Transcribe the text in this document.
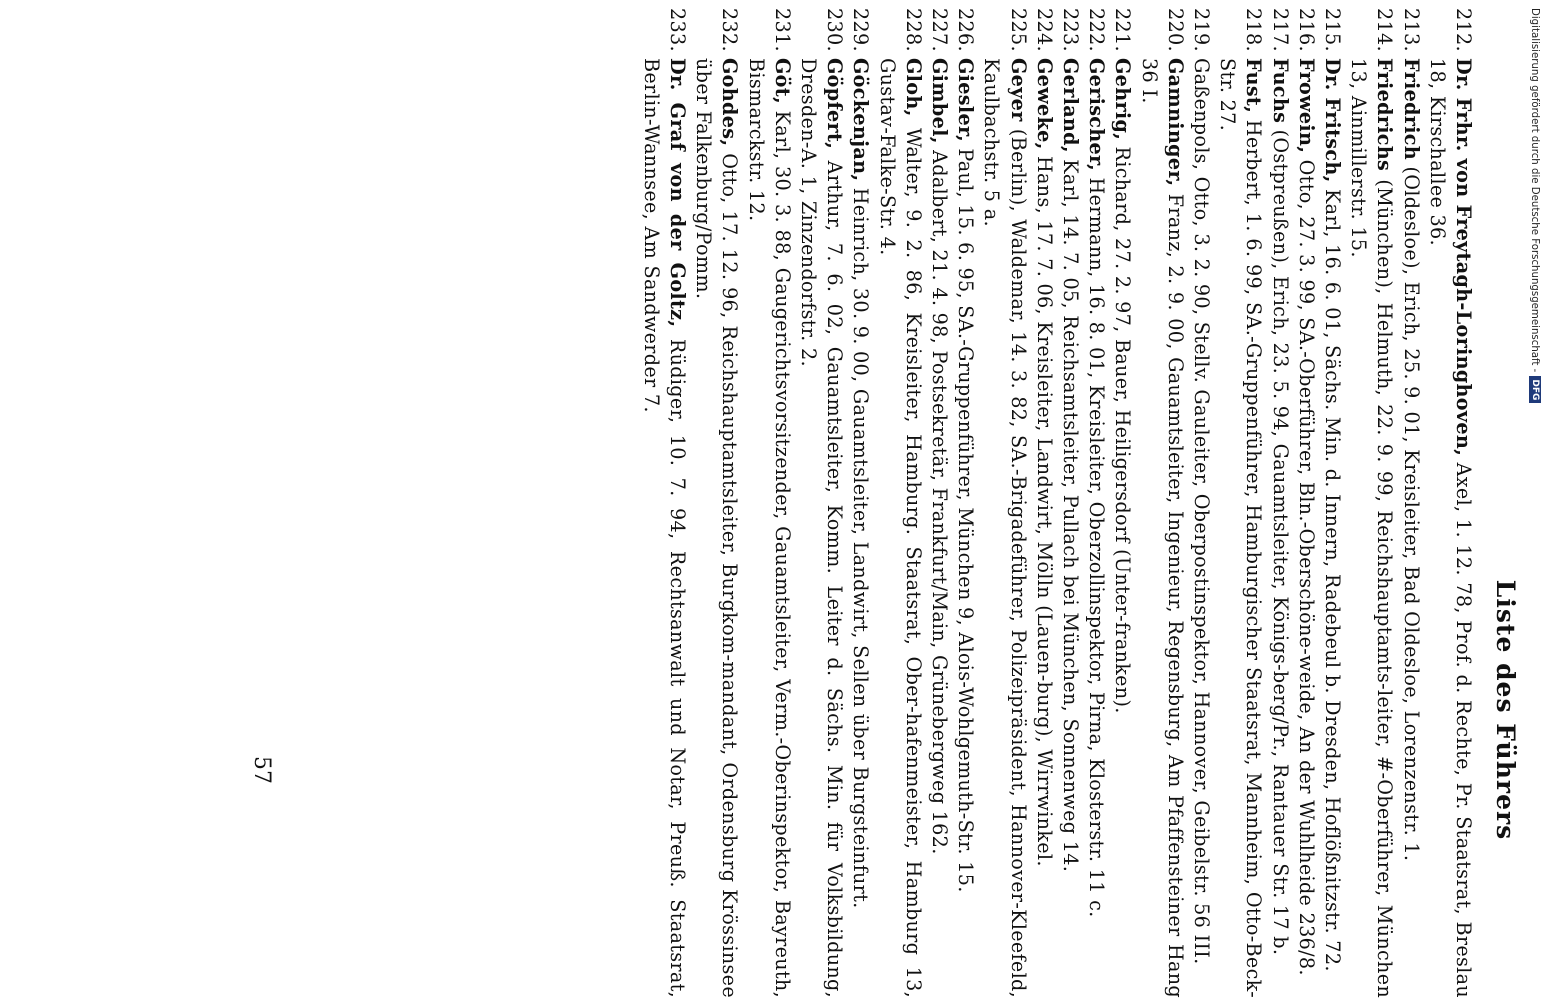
Liste des Führers
212.Dr. Frhr. von Freytagh-Loringhoven, Axel, 1. 12. 78, Prof. d. Rechte, Pr. Staatsrat, Breslau 18, Kirschallee 36.
213.Friedrich (Oldesloe), Erich, 25. 9. 01, Kreisleiter, Bad Oldesloe, Lorenzenstr. 1.
214.Friedrichs (München), Helmuth, 22. 9. 99, Reichshauptamts-leiter, #-Oberführer, München 13, Ainmillerstr. 15.
215.Dr. Fritsch, Karl, 16. 6. 01, Sächs. Min. d. Innern, Radebeul b. Dresden, Hoflößnitzstr. 72.
216.Frowein, Otto, 27. 3. 99, SA.-Oberführer, Bln.-Oberschöne-weide, An der Wuhlheide 236/8.
217.Fuchs (Ostpreußen), Erich, 23. 5. 94, Gauamtsleiter, Königs-berg/Pr., Rantauer Str. 17 b.
218.Fust, Herbert, 1. 6. 99, SA.-Gruppenführer, Hamburgischer Staatsrat, Mannheim, Otto-Beck-Str. 27.
219.Gaßenpols, Otto, 3. 2. 90, Stellv. Gauleiter, Oberpostinspektor, Hannover, Geibelstr. 56 III.
220.Gamninger, Franz, 2. 9. 00, Gauamtsleiter, Ingenieur, Regensburg, Am Pfaffensteiner Hang 36 I.
221.Gehrig, Richard, 27. 2. 97, Bauer, Heiligersdorf (Unter-franken).
222.Gerischer, Hermann, 16. 8. 01, Kreisleiter, Oberzollinspektor, Pirna, Klosterstr. 11 c.
223.Gerland, Karl, 14. 7. 05, Reichsamtsleiter, Pullach bei München, Sonnenweg 14.
224.Geweke, Hans, 17. 7. 06, Kreisleiter, Landwirt, Mölln (Lauen-burg), Wirrwinkel.
225.Geyer (Berlin), Waldemar, 14. 3. 82, SA.-Brigadeführer, Polizeipräsident, Hannover-Kleefeld, Kaulbachstr. 5 a.
226.Giesler, Paul, 15. 6. 95, SA.-Gruppenführer, München 9, Alois-Wohlgemuth-Str. 15.
227.Gimbel, Adalbert, 21. 4. 98, Postsekretär, Frankfurt/Main, Grünebergweg 162.
228.Gloh, Walter, 9. 2. 86, Kreisleiter, Hamburg. Staatsrat, Ober-hafenmeister, Hamburg 13, Gustav-Falke-Str. 4.
229.Göckenjan, Heinrich, 30. 9. 00, Gauamtsleiter, Landwirt, Sellen über Burgsteinfurt.
230.Göpfert, Arthur, 7. 6. 02, Gauamtsleiter, Komm. Leiter d. Sächs. Min. für Volksbildung, Dresden-A. 1, Zinzendorfstr. 2.
231.Göt, Karl, 30. 3. 88, Gaugerichtsvorsitzender, Gauamtsleiter, Verm.-Oberinspektor, Bayreuth, Bismarckstr. 12.
232.Gohdes, Otto, 17. 12. 96, Reichshauptamtsleiter, Burgkom-mandant, Ordensburg Krössinsee über Falkenburg/Pomm.
233.Dr. Graf von der Goltz, Rüdiger, 10. 7. 94, Rechtsanwalt und Notar, Preuß. Staatsrat, Berlin-Wannsee, Am Sandwerder 7.
57
Digitalisierung gefördert durch die Deutsche Forschungsgemeinschaft -
DFG
